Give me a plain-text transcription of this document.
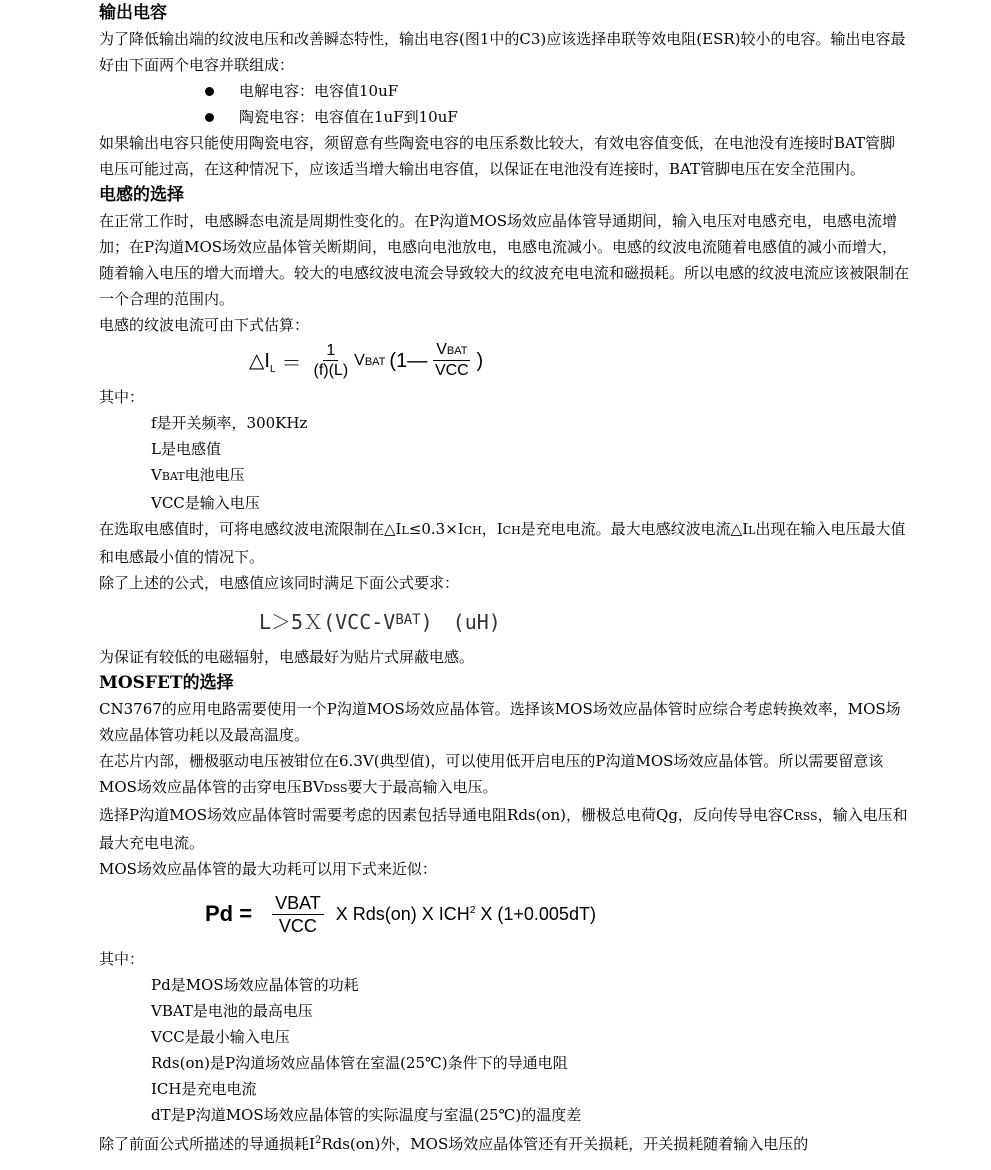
输出电容

为了降低输出端的纹波电压和改善瞬态特性，输出电容(图1中的C3)应该选择串联等效电阻(ESR)较小的电容。输出电容最好由下面两个电容并联组成：

电解电容：电容值10uF
陶瓷电容：电容值在1uF到10uF

如果输出电容只能使用陶瓷电容，须留意有些陶瓷电容的电压系数比较大，有效电容值变低，在电池没有连接时BAT管脚电压可能过高，在这种情况下，应该适当增大输出电容值，以保证在电池没有连接时，BAT管脚电压在安全范围内。

电感的选择

在正常工作时，电感瞬态电流是周期性变化的。在P沟道MOS场效应晶体管导通期间，输入电压对电感充电，电感电流增加；在P沟道MOS场效应晶体管关断期间，电感向电池放电，电感电流减小。电感的纹波电流随着电感值的减小而增大，随着输入电压的增大而增大。较大的电感纹波电流会导致较大的纹波充电电流和磁损耗。所以电感的纹波电流应该被限制在一个合理的范围内。

电感的纹波电流可由下式估算：

$\triangle I_L = \frac{1}{(f)(L)}$ VBAT (1— $\frac{\text{VBAT}}{\text{VCC}}$ )

其中：

f是开关频率，300KHz
L是电感值
VBAT电池电压
VCC是输入电压

在选取电感值时，可将电感纹波电流限制在△IL≤0.3×ICH，ICH是充电电流。最大电感纹波电流△IL出现在输入电压最大值和电感最小值的情况下。

除了上述的公式，电感值应该同时满足下面公式要求：

L＞5Ｘ(VCC-V BAT )　(uH)

为保证有较低的电磁辐射，电感最好为贴片式屏蔽电感。

MOSFET的选择

CN3767的应用电路需要使用一个P沟道MOS场效应晶体管。选择该MOS场效应晶体管时应综合考虑转换效率，MOS场效应晶体管功耗以及最高温度。

在芯片内部，栅极驱动电压被钳位在6.3V(典型值)，可以使用低开启电压的P沟道MOS场效应晶体管。所以需要留意该MOS场效应晶体管的击穿电压BVDSS要大于最高输入电压。

选择P沟道MOS场效应晶体管时需要考虑的因素包括导通电阻Rds(on)，栅极总电荷Qg，反向传导电容CRSS，输入电压和最大充电电流。

MOS场效应晶体管的最大功耗可以用下式来近似：

$Pd = \frac{\text{VBAT}}{\text{VCC}}$ X Rds(on) X ICH$^2$ X (1+0.005dT)

其中：

Pd是MOS场效应晶体管的功耗
VBAT是电池的最高电压
VCC是最小输入电压
Rds(on)是P沟道场效应晶体管在室温(25℃)条件下的导通电阻
ICH是充电电流
dT是P沟道MOS场效应晶体管的实际温度与室温(25℃)的温度差

除了前面公式所描述的导通损耗$I^2Rds(on)$外，MOS场效应晶体管还有开关损耗，开关损耗随着输入电压的
